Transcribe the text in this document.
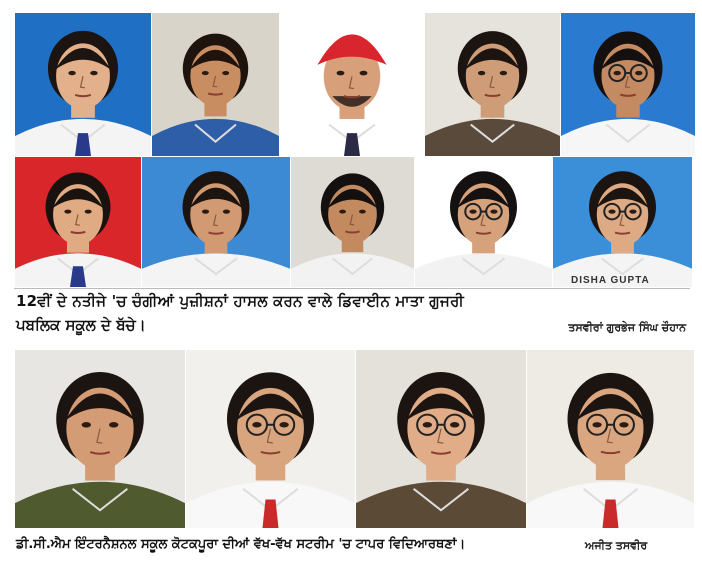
DISHA GUPTA
12ਵੀਂ ਦੇ ਨਤੀਜੇ 'ਚ ਚੰਗੀਆਂ ਪੁਜ਼ੀਸ਼ਨਾਂ ਹਾਸਲ ਕਰਨ ਵਾਲੇ ਡਿਵਾਈਨ ਮਾਤਾ ਗੁਜਰੀ
ਪਬਲਿਕ ਸਕੂਲ ਦੇ ਬੱਚੇ।	ਤਸਵੀਰਾਂ ਗੁਰਭੇਜ ਸਿੰਘ ਚੌਹਾਨ
ਡੀ.ਸੀ.ਐਮ ਇੰਟਰਨੈਸ਼ਨਲ ਸਕੂਲ ਕੋਟਕਪੂਰਾ ਦੀਆਂ ਵੱਖ-ਵੱਖ ਸਟਰੀਮ 'ਚ ਟਾਪਰ ਵਿਦਿਆਰਥਣਾਂ।	ਅਜੀਤ ਤਸਵੀਰ
